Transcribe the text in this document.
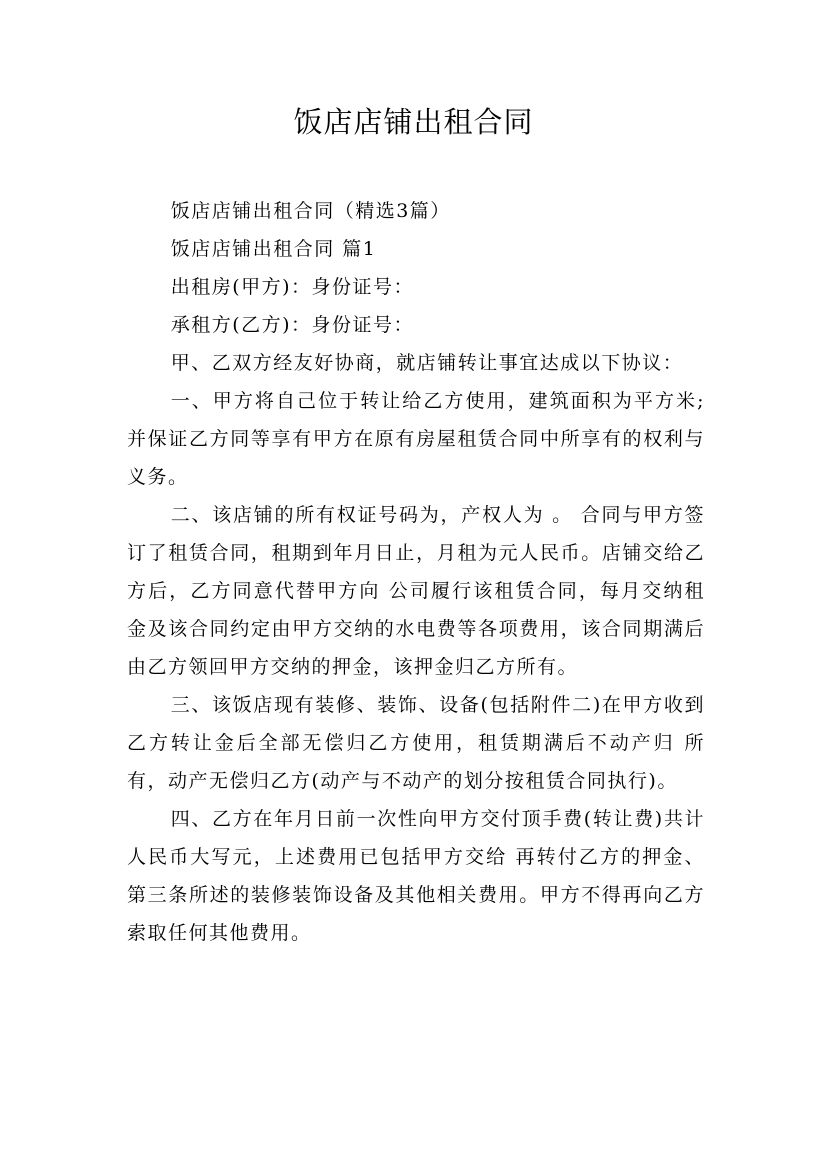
饭店店铺出租合同

饭店店铺出租合同（精选3篇）

饭店店铺出租合同 篇1

出租房(甲方)：身份证号：

承租方(乙方)：身份证号：

甲、乙双方经友好协商，就店铺转让事宜达成以下协议：

一、甲方将自己位于转让给乙方使用，建筑面积为平方米;并保证乙方同等享有甲方在原有房屋租赁合同中所享有的权利与义务。

二、该店铺的所有权证号码为，产权人为 。 合同与甲方签订了租赁合同，租期到年月日止，月租为元人民币。店铺交给乙方后，乙方同意代替甲方向 公司履行该租赁合同，每月交纳租金及该合同约定由甲方交纳的水电费等各项费用，该合同期满后由乙方领回甲方交纳的押金，该押金归乙方所有。

三、该饭店现有装修、装饰、设备(包括附件二)在甲方收到乙方转让金后全部无偿归乙方使用，租赁期满后不动产归 所有，动产无偿归乙方(动产与不动产的划分按租赁合同执行)。

四、乙方在年月日前一次性向甲方交付顶手费(转让费)共计人民币大写元，上述费用已包括甲方交给 再转付乙方的押金、第三条所述的装修装饰设备及其他相关费用。甲方不得再向乙方索取任何其他费用。
